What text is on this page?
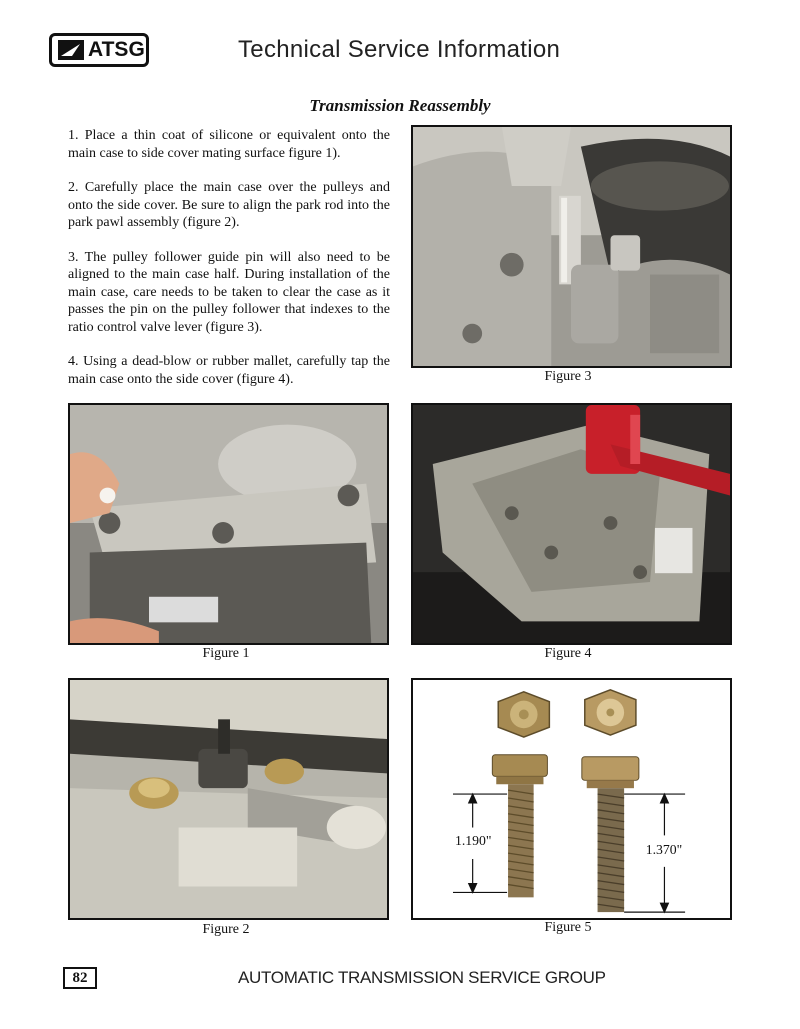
ATSG	Technical Service Information
Transmission Reassembly

1. Place a thin coat of silicone or equivalent onto the main case to side cover mating surface figure 1).

2. Carefully place the main case over the pulleys and onto the side cover. Be sure to align the park rod into the park pawl assembly (figure 2).

3. The pulley follower guide pin will also need to be aligned to the main case half. During installation of the main case, care needs to be taken to clear the case as it passes the pin on the pulley follower that indexes to the ratio control valve lever (figure 3).

4. Using a dead-blow or rubber mallet, carefully tap the main case onto the side cover (figure 4).	Figure 3
Figure 1	Figure 4
Figure 2
1.190"
1.370"
Figure 5
82	AUTOMATIC TRANSMISSION SERVICE GROUP
